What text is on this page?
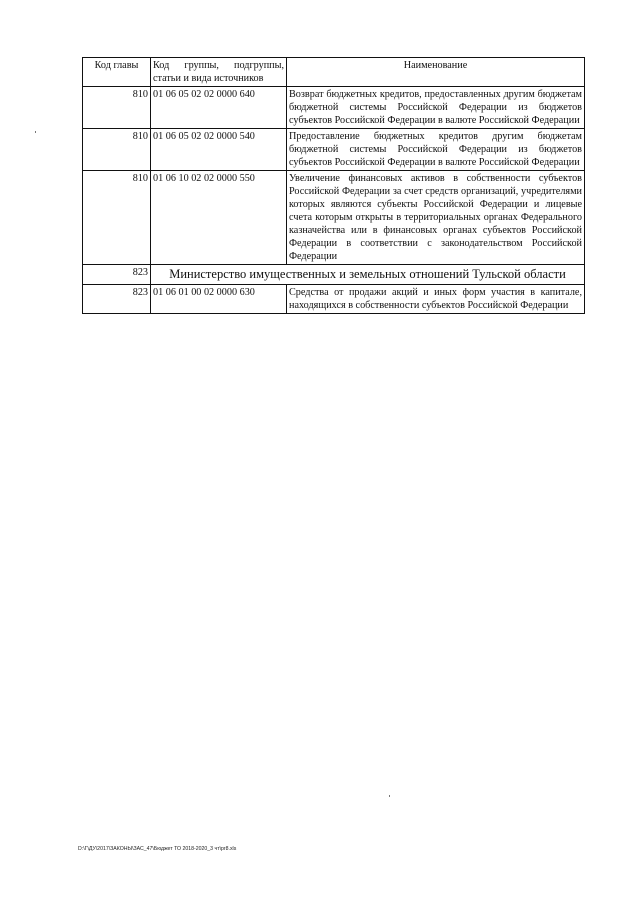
Код главы	Код группы, подгруппы, статьи и вида источников	Наименование
810	01 06 05 02 02 0000 640	Возврат бюджетных кредитов, предоставленных другим бюджетам бюджетной системы Российской Федерации из бюджетов субъектов Российской Федерации в валюте Российской Федерации
810	01 06 05 02 02 0000 540	Предоставление бюджетных кредитов другим бюджетам бюджетной системы Российской Федерации из бюджетов субъектов Российской Федерации в валюте Российской Федерации
810	01 06 10 02 02 0000 550	Увеличение финансовых активов в собственности субъектов Российской Федерации за счет средств организаций, учредителями которых являются субъекты Российской Федерации и лицевые счета которым открыты в территориальных органах Федерального казначейства или в финансовых органах субъектов Российской Федерации в соответствии с законодательством Российской Федерации
823	Министерство имущественных и земельных отношений Тульской области	
823	01 06 01 00 02 0000 630	Средства от продажи акций и иных форм участия в капитале, находящихся в собственности субъектов Российской Федерации
D:\Г\ДУ\2017\ЗАКОНЫ\ЗАС_47\Бюджет ТО 2018-2020_3 чт\pr8.xls
